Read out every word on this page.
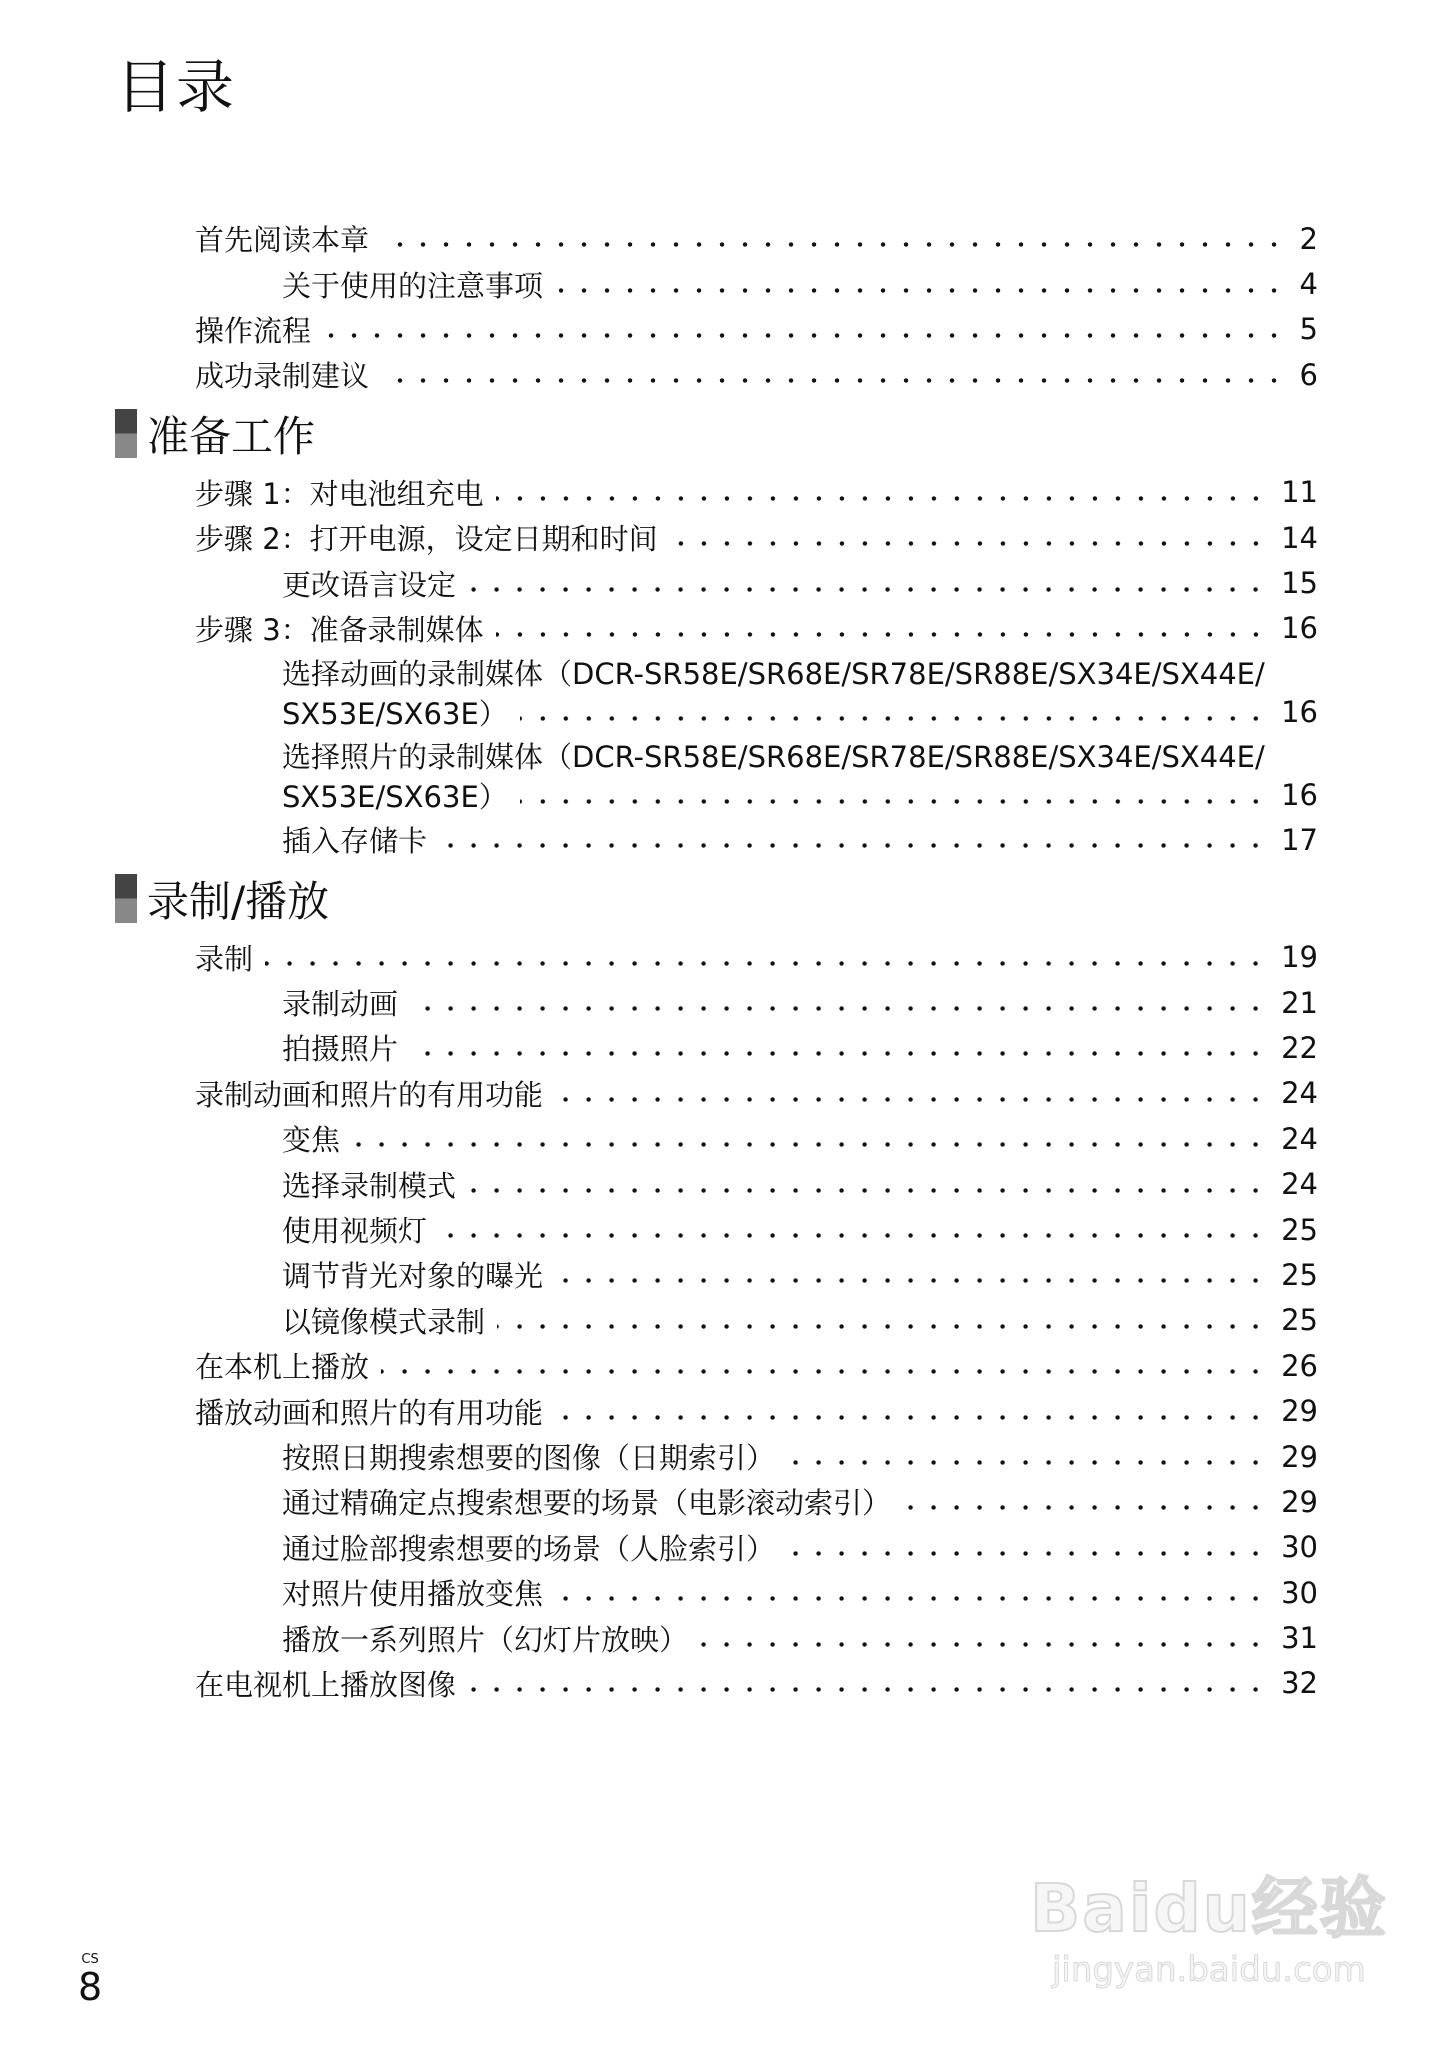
目录
首先阅读本章	2
关于使用的注意事项	4
操作流程	5
成功录制建议	6
准备工作
步骤 1：对电池组充电	11
步骤 2：打开电源，设定日期和时间	14
更改语言设定	15
步骤 3：准备录制媒体	16
选择动画的录制媒体（DCR-SR58E/SR68E/SR78E/SR88E/SX34E/SX44E/
SX53E/SX63E）	16
选择照片的录制媒体（DCR-SR58E/SR68E/SR78E/SR88E/SX34E/SX44E/
SX53E/SX63E）	16
插入存储卡	17
录制/播放
录制	19
录制动画	21
拍摄照片	22
录制动画和照片的有用功能	24
变焦	24
选择录制模式	24
使用视频灯	25
调节背光对象的曝光	25
以镜像模式录制	25
在本机上播放	26
播放动画和照片的有用功能	29
按照日期搜索想要的图像（日期索引）	29
通过精确定点搜索想要的场景（电影滚动索引）	29
通过脸部搜索想要的场景（人脸索引）	30
对照片使用播放变焦	30
播放一系列照片（幻灯片放映）	31
在电视机上播放图像	32
CS
8
Baidu经验
jingyan.baidu.com
